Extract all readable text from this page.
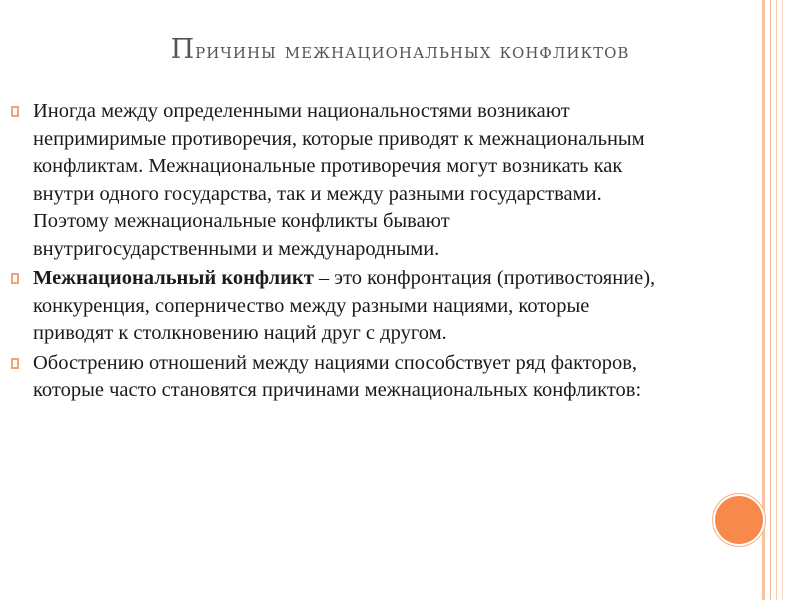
Причины межнациональных конфликтов
Иногда между определенными национальностями возникают непримиримые противоречия, которые приводят к межнациональным конфликтам. Межнациональные противоречия могут возникать как внутри одного государства, так и между разными государствами. Поэтому межнациональные конфликты бывают внутригосударственными и международными.
Межнациональный конфликт – это конфронтация (противостояние), конкуренция, соперничество между разными нациями, которые приводят к столкновению наций друг с другом.
Обострению отношений между нациями способствует ряд факторов, которые часто становятся причинами межнациональных конфликтов:
